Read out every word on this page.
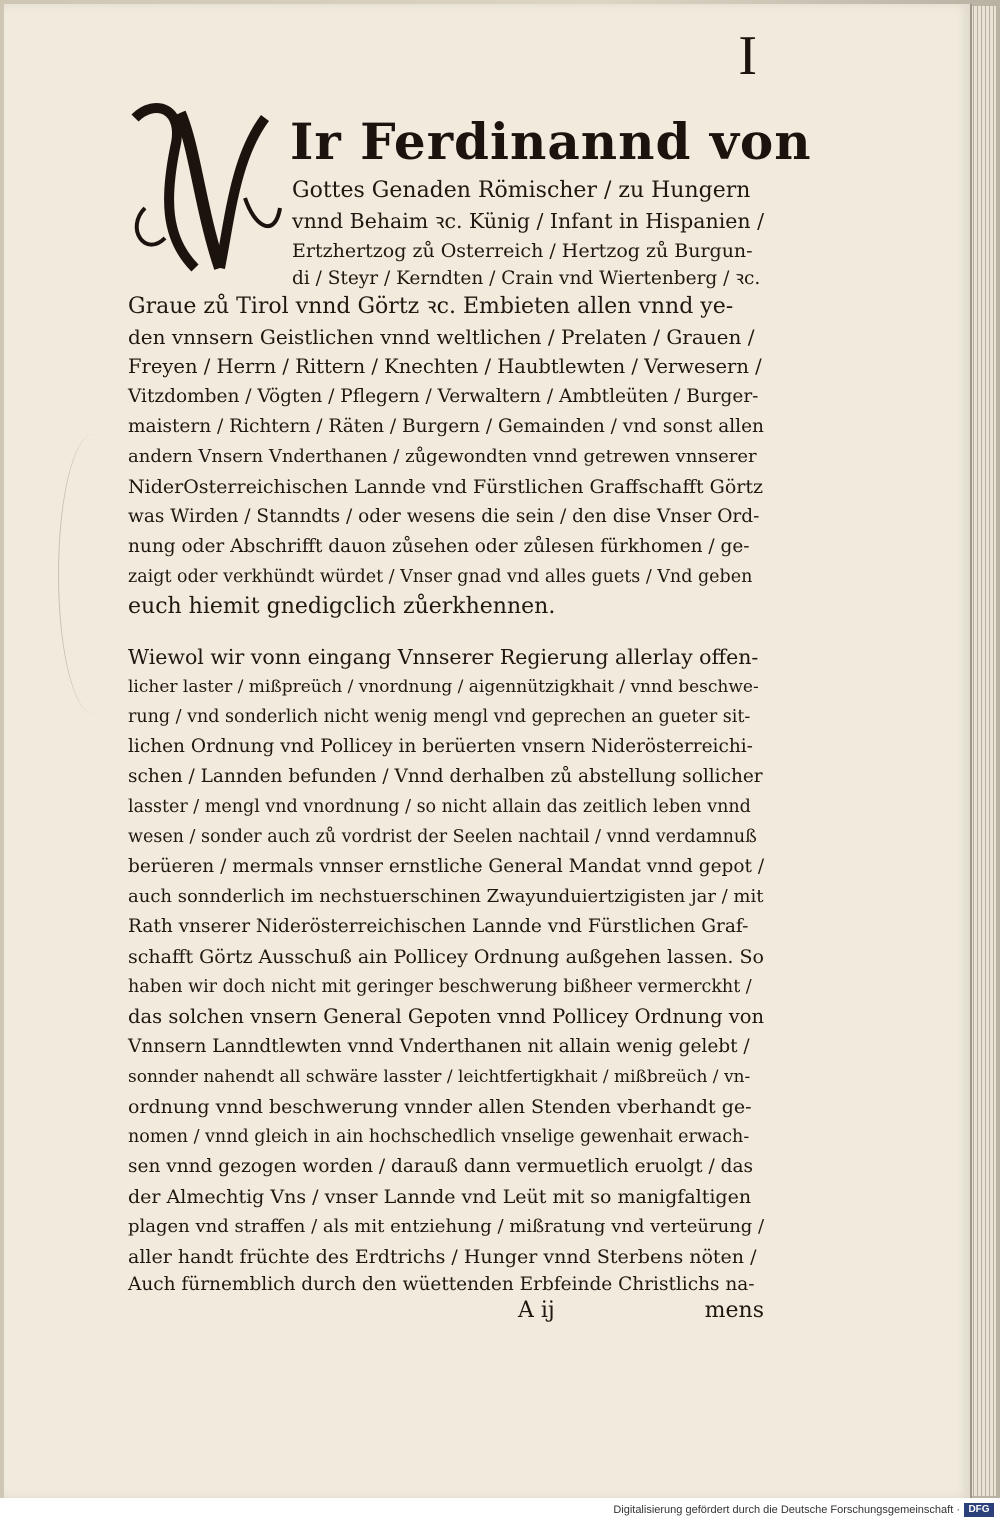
I
Ir Ferdinannd von
Gottes Genaden Römischer / zu Hungern
vnnd Behaim ꝛc. Künig / Infant in Hispanien /
Ertzhertzog zů Osterreich / Hertzog zů Burgun-
di / Steyr / Kerndten / Crain vnd Wiertenberg / ꝛc.
Graue zů Tirol vnnd Görtz ꝛc. Embieten allen vnnd ye-
den vnnsern Geistlichen vnnd weltlichen / Prelaten / Grauen /
Freyen / Herrn / Rittern / Knechten / Haubtlewten / Verwesern /
Vitzdomben / Vögten / Pflegern / Verwaltern / Ambtleüten / Burger-
maistern / Richtern / Räten / Burgern / Gemainden / vnd sonst allen
andern Vnsern Vnderthanen / zůgewondten vnnd getrewen vnnserer
NiderOsterreichischen Lannde vnd Fürstlichen Graffschafft Görtz
was Wirden / Stanndts / oder wesens die sein / den dise Vnser Ord-
nung oder Abschrifft dauon zůsehen oder zůlesen fürkhomen / ge-
zaigt oder verkhündt würdet / Vnser gnad vnd alles guets / Vnd geben
euch hiemit gnedigclich zůerkhennen.
Wiewol wir vonn eingang Vnnserer Regierung allerlay offen-
licher laster / mißpreüch / vnordnung / aigennützigkhait / vnnd beschwe-
rung / vnd sonderlich nicht wenig mengl vnd geprechen an gueter sit-
lichen Ordnung vnd Pollicey in berüerten vnsern Niderösterreichi-
schen / Lannden befunden / Vnnd derhalben zů abstellung sollicher
lasster / mengl vnd vnordnung / so nicht allain das zeitlich leben vnnd
wesen / sonder auch zů vordrist der Seelen nachtail / vnnd verdamnuß
berüeren / mermals vnnser ernstliche General Mandat vnnd gepot /
auch sonnderlich im nechstuerschinen Zwayunduiertzigisten jar / mit
Rath vnserer Niderösterreichischen Lannde vnd Fürstlichen Graf-
schafft Görtz Ausschuß ain Pollicey Ordnung außgehen lassen. So
haben wir doch nicht mit geringer beschwerung bißheer vermerckht /
das solchen vnsern General Gepoten vnnd Pollicey Ordnung von
Vnnsern Lanndtlewten vnnd Vnderthanen nit allain wenig gelebt /
sonnder nahendt all schwäre lasster / leichtfertigkhait / mißbreüch / vn-
ordnung vnnd beschwerung vnnder allen Stenden vberhandt ge-
nomen / vnnd gleich in ain hochschedlich vnselige gewenhait erwach-
sen vnnd gezogen worden / darauß dann vermuetlich eruolgt / das
der Almechtig Vns / vnser Lannde vnd Leüt mit so manigfaltigen
plagen vnd straffen / als mit entziehung / mißratung vnd verteürung /
aller handt früchte des Erdtrichs / Hunger vnnd Sterbens nöten /
Auch fürnemblich durch den wüettenden Erbfeinde Christlichs na-
A ij	mens
Digitalisierung gefördert durch die Deutsche Forschungsgemeinschaft · DFG
